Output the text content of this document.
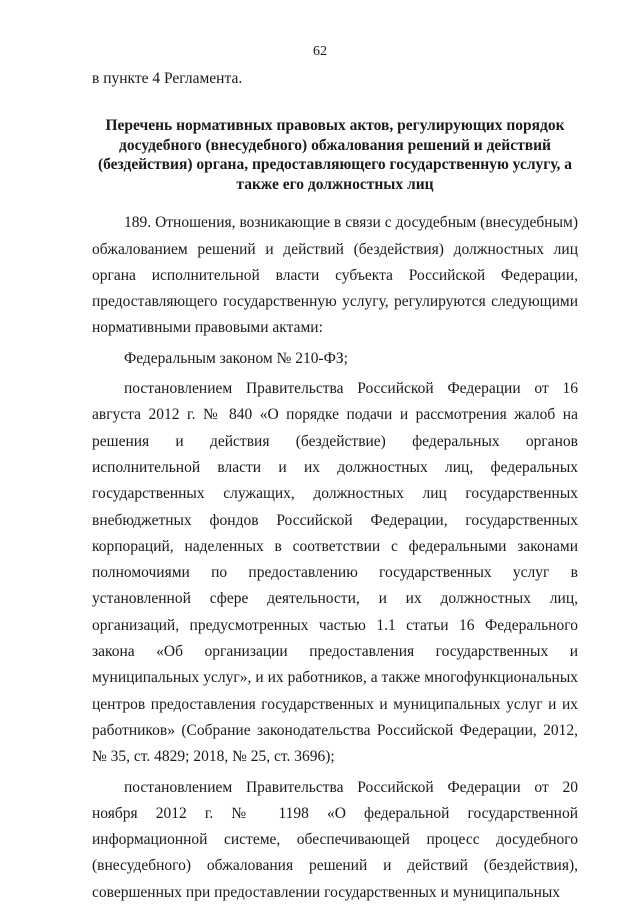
62

в пункте 4 Регламента.

Перечень нормативных правовых актов, регулирующих порядок досудебного (внесудебного) обжалования решений и действий (бездействия) органа, предоставляющего государственную услугу, а также его должностных лиц

189. Отношения, возникающие в связи с досудебным (внесудебным) обжалованием решений и действий (бездействия) должностных лиц органа исполнительной власти субъекта Российской Федерации, предоставляющего государственную услугу, регулируются следующими нормативными правовыми актами:

Федеральным законом № 210-ФЗ;

постановлением Правительства Российской Федерации от 16 августа 2012 г. № 840 «О порядке подачи и рассмотрения жалоб на решения и действия (бездействие) федеральных органов исполнительной власти и их должностных лиц, федеральных государственных служащих, должностных лиц государственных внебюджетных фондов Российской Федерации, государственных корпораций, наделенных в соответствии с федеральными законами полномочиями по предоставлению государственных услуг в установленной сфере деятельности, и их должностных лиц, организаций, предусмотренных частью 1.1 статьи 16 Федерального закона «Об организации предоставления государственных и муниципальных услуг», и их работников, а также многофункциональных центров предоставления государственных и муниципальных услуг и их работников» (Собрание законодательства Российской Федерации, 2012, № 35, ст. 4829; 2018, № 25, ст. 3696);

постановлением Правительства Российской Федерации от 20 ноября 2012 г. № 1198 «О федеральной государственной информационной системе, обеспечивающей процесс досудебного (внесудебного) обжалования решений и действий (бездействия), совершенных при предоставлении государственных и муниципальных
